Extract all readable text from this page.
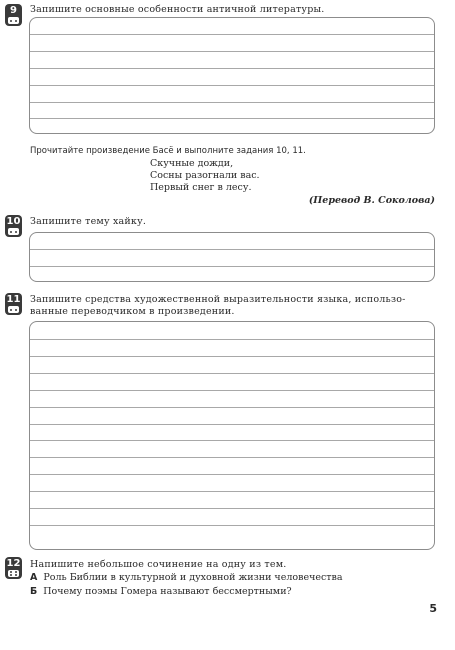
9	Запишите основные особенности античной литературы.
Прочитайте произведение Басё и выполните задания 10, 11.
Скучные дожди,
Сосны разогнали вас.
Первый снег в лесу.
(Перевод В. Соколова)
10 Запишите тему хайку.
11 Запишите средства художественной выразительности языка, использо-
ванные переводчиком в произведении.
12 Напишите небольшое сочинение на одну из тем.
А Роль Библии в культурной и духовной жизни человечества
Б Почему поэмы Гомера называют бессмертными?
5
